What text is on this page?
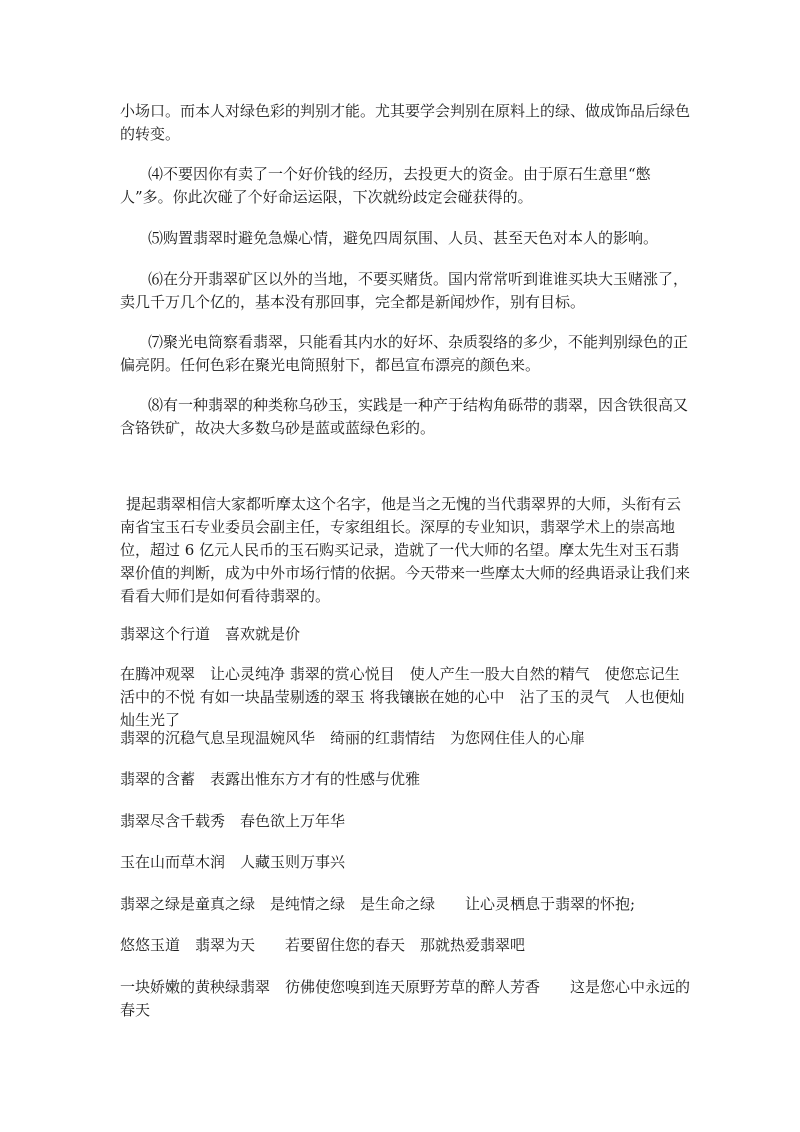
小场口。而本人对绿色彩的判别才能。尤其要学会判别在原料上的绿、做成饰品后绿色的转变。

⑷不要因你有卖了一个好价钱的经历，去投更大的资金。由于原石生意里“憋人”多。你此次碰了个好命运运限，下次就纷歧定会碰获得的。

⑸购置翡翠时避免急燥心情，避免四周氛围、人员、甚至天色对本人的影响。

⑹在分开翡翠矿区以外的当地，不要买赌货。国内常常听到谁谁买块大玉赌涨了，卖几千万几个亿的，基本没有那回事，完全都是新闻炒作，别有目标。

⑺聚光电筒察看翡翠，只能看其内水的好坏、杂质裂络的多少，不能判别绿色的正偏亮阴。任何色彩在聚光电筒照射下，都邑宣布漂亮的颜色来。

⑻有一种翡翠的种类称乌砂玉，实践是一种产于结构角砾带的翡翠，因含铁很高又含铬铁矿，故决大多数乌砂是蓝或蓝绿色彩的。

提起翡翠相信大家都听摩太这个名字，他是当之无愧的当代翡翠界的大师，头衔有云南省宝玉石专业委员会副主任，专家组组长。深厚的专业知识，翡翠学术上的崇高地位，超过 6 亿元人民币的玉石购买记录，造就了一代大师的名望。摩太先生对玉石翡翠价值的判断，成为中外市场行情的依据。今天带来一些摩太大师的经典语录让我们来看看大师们是如何看待翡翠的。

翡翠这个行道　喜欢就是价

在腾冲观翠　让心灵纯净 翡翠的赏心悦目　使人产生一股大自然的精气　使您忘记生活中的不悦 有如一块晶莹剔透的翠玉 将我镶嵌在她的心中　沾了玉的灵气　人也便灿灿生光了

翡翠的沉稳气息呈现温婉风华　绮丽的红翡情结　为您网住佳人的心扉

翡翠的含蓄　表露出惟东方才有的性感与优雅

翡翠尽含千载秀　春色欲上万年华

玉在山而草木润　人藏玉则万事兴

翡翠之绿是童真之绿　是纯情之绿　是生命之绿　　让心灵栖息于翡翠的怀抱;

悠悠玉道　翡翠为天　　若要留住您的春天　那就热爱翡翠吧

一块娇嫩的黄秧绿翡翠　彷佛使您嗅到连天原野芳草的醉人芳香　　这是您心中永远的春天
